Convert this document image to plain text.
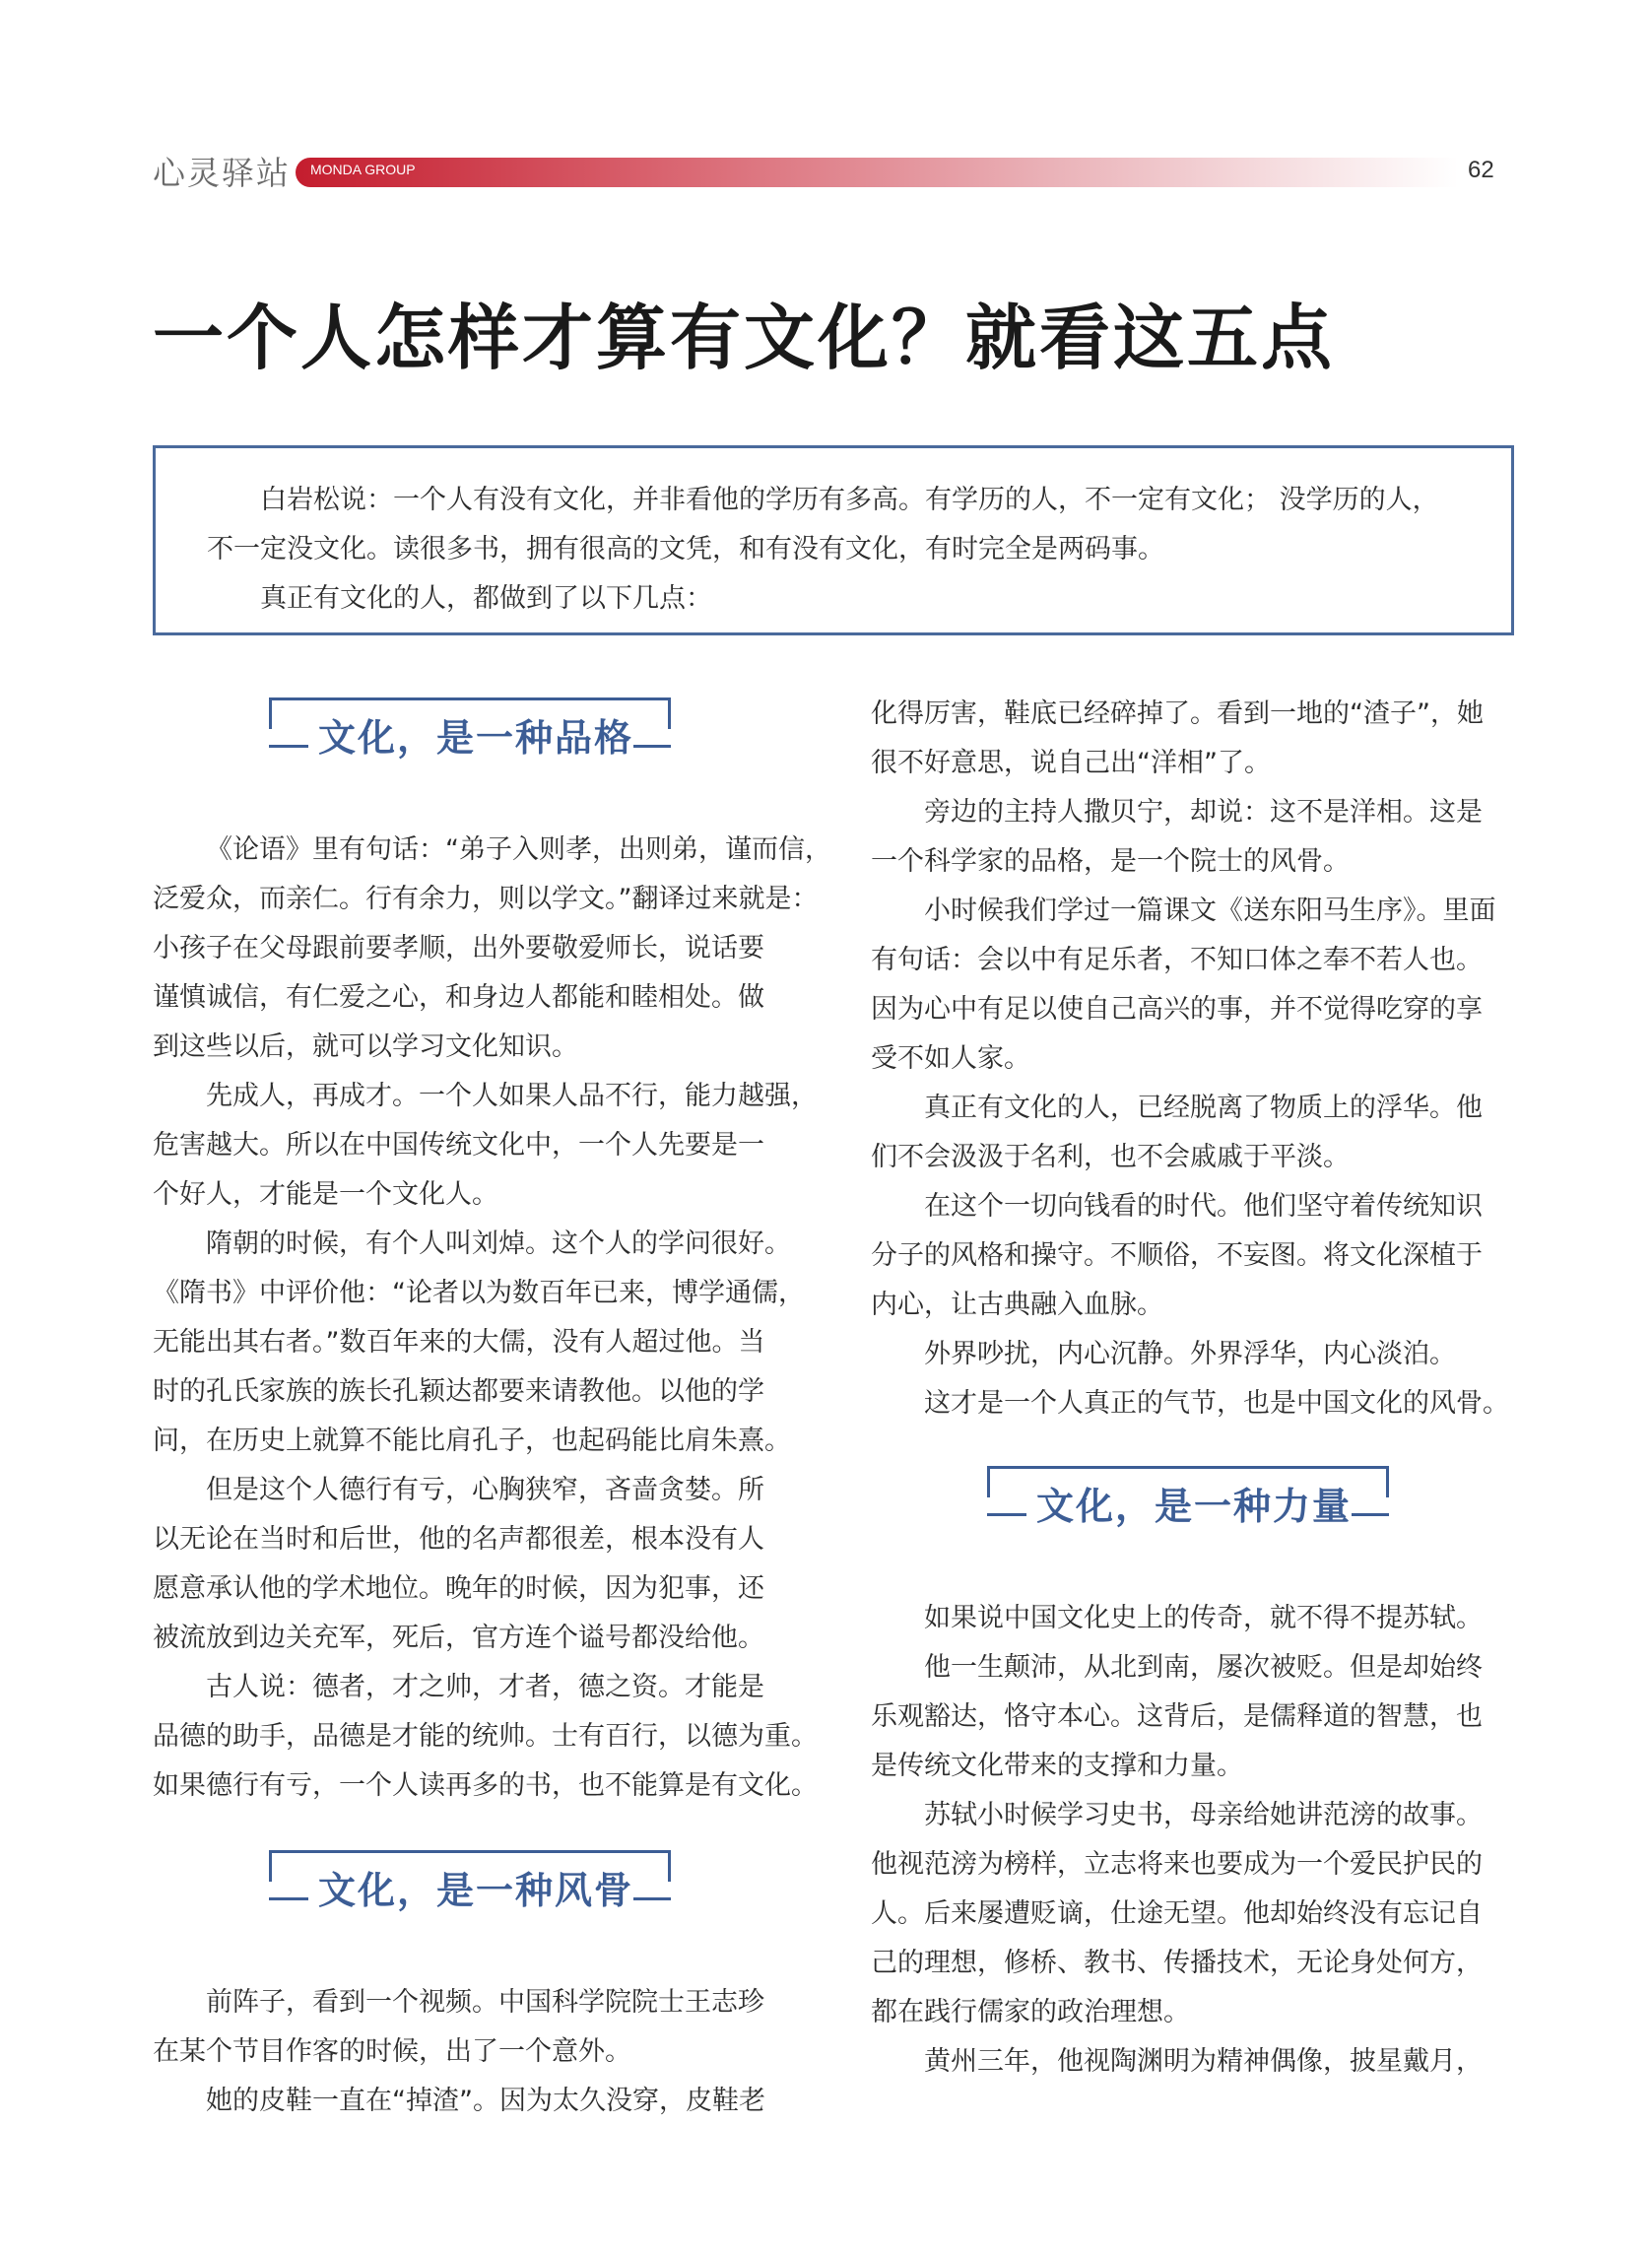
心灵驿站 MONDA GROUP	62
一个人怎样才算有文化？就看这五点

白岩松说：一个人有没有文化，并非看他的学历有多高。有学历的人，不一定有文化； 没学历的人，

不一定没文化。读很多书，拥有很高的文凭，和有没有文化，有时完全是两码事。

真正有文化的人，都做到了以下几点：

文化，是一种品格

《论语》里有句话：“弟子入则孝，出则弟，谨而信，

泛爱众，而亲仁。行有余力，则以学文。”翻译过来就是：

小孩子在父母跟前要孝顺，出外要敬爱师长，说话要

谨慎诚信，有仁爱之心，和身边人都能和睦相处。做

到这些以后，就可以学习文化知识。

先成人，再成才。一个人如果人品不行，能力越强，

危害越大。所以在中国传统文化中，一个人先要是一

个好人，才能是一个文化人。

隋朝的时候，有个人叫刘焯。这个人的学问很好。

《隋书》中评价他：“论者以为数百年已来，博学通儒，

无能出其右者。”数百年来的大儒，没有人超过他。当

时的孔氏家族的族长孔颖达都要来请教他。以他的学

问，在历史上就算不能比肩孔子，也起码能比肩朱熹。

但是这个人德行有亏，心胸狭窄，吝啬贪婪。所

以无论在当时和后世，他的名声都很差，根本没有人

愿意承认他的学术地位。晚年的时候，因为犯事，还

被流放到边关充军，死后，官方连个谥号都没给他。

古人说：德者，才之帅，才者，德之资。才能是

品德的助手，品德是才能的统帅。士有百行，以德为重。

如果德行有亏，一个人读再多的书，也不能算是有文化。

文化，是一种风骨

前阵子，看到一个视频。中国科学院院士王志珍

在某个节目作客的时候，出了一个意外。

她的皮鞋一直在“掉渣”。因为太久没穿，皮鞋老

化得厉害，鞋底已经碎掉了。看到一地的“渣子”，她

很不好意思，说自己出“洋相”了。

旁边的主持人撒贝宁，却说：这不是洋相。这是

一个科学家的品格，是一个院士的风骨。

小时候我们学过一篇课文《送东阳马生序》。里面

有句话：会以中有足乐者，不知口体之奉不若人也。

因为心中有足以使自己高兴的事，并不觉得吃穿的享

受不如人家。

真正有文化的人，已经脱离了物质上的浮华。他

们不会汲汲于名利，也不会戚戚于平淡。

在这个一切向钱看的时代。他们坚守着传统知识

分子的风格和操守。不顺俗，不妄图。将文化深植于

内心，让古典融入血脉。

外界吵扰，内心沉静。外界浮华，内心淡泊。

这才是一个人真正的气节，也是中国文化的风骨。

文化，是一种力量

如果说中国文化史上的传奇，就不得不提苏轼。

他一生颠沛，从北到南，屡次被贬。但是却始终

乐观豁达，恪守本心。这背后，是儒释道的智慧，也

是传统文化带来的支撑和力量。

苏轼小时候学习史书，母亲给她讲范滂的故事。

他视范滂为榜样，立志将来也要成为一个爱民护民的

人。后来屡遭贬谪，仕途无望。他却始终没有忘记自

己的理想，修桥、教书、传播技术，无论身处何方，

都在践行儒家的政治理想。

黄州三年，他视陶渊明为精神偶像，披星戴月，
